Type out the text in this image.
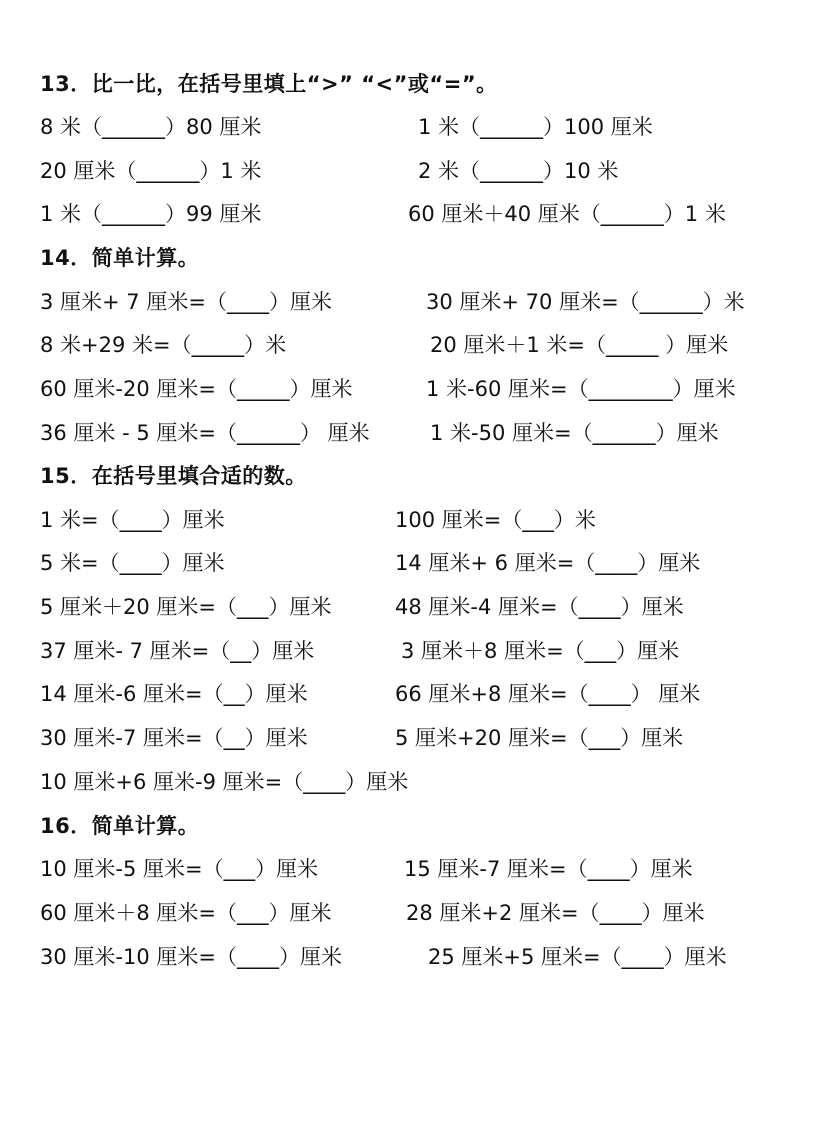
13．比一比，在括号里填上“>” “<”或“=”。
8 米（______）80 厘米	1 米（______）100 厘米
20 厘米（______）1 米	2 米（______）10 米
1 米（______）99 厘米	60 厘米＋40 厘米（______）1 米
14．简单计算。
3 厘米+ 7 厘米=（____）厘米	30 厘米+ 70 厘米=（______）米
8 米+29 米=（_____）米	20 厘米＋1 米=（_____ ）厘米
60 厘米-20 厘米=（_____）厘米	1 米-60 厘米=（________）厘米
36 厘米 - 5 厘米=（______） 厘米	1 米-50 厘米=（______）厘米
15．在括号里填合适的数。
1 米=（____）厘米	100 厘米=（___）米
5 米=（____）厘米	14 厘米+ 6 厘米=（____）厘米
5 厘米＋20 厘米=（___）厘米	48 厘米-4 厘米=（____）厘米
37 厘米- 7 厘米=（__）厘米	3 厘米＋8 厘米=（___）厘米
14 厘米-6 厘米=（__）厘米	66 厘米+8 厘米=（____） 厘米
30 厘米-7 厘米=（__）厘米	5 厘米+20 厘米=（___）厘米
10 厘米+6 厘米-9 厘米=（____）厘米
16．简单计算。
10 厘米-5 厘米=（___）厘米	15 厘米-7 厘米=（____）厘米
60 厘米＋8 厘米=（___）厘米	28 厘米+2 厘米=（____）厘米
30 厘米-10 厘米=（____）厘米	25 厘米+5 厘米=（____）厘米
